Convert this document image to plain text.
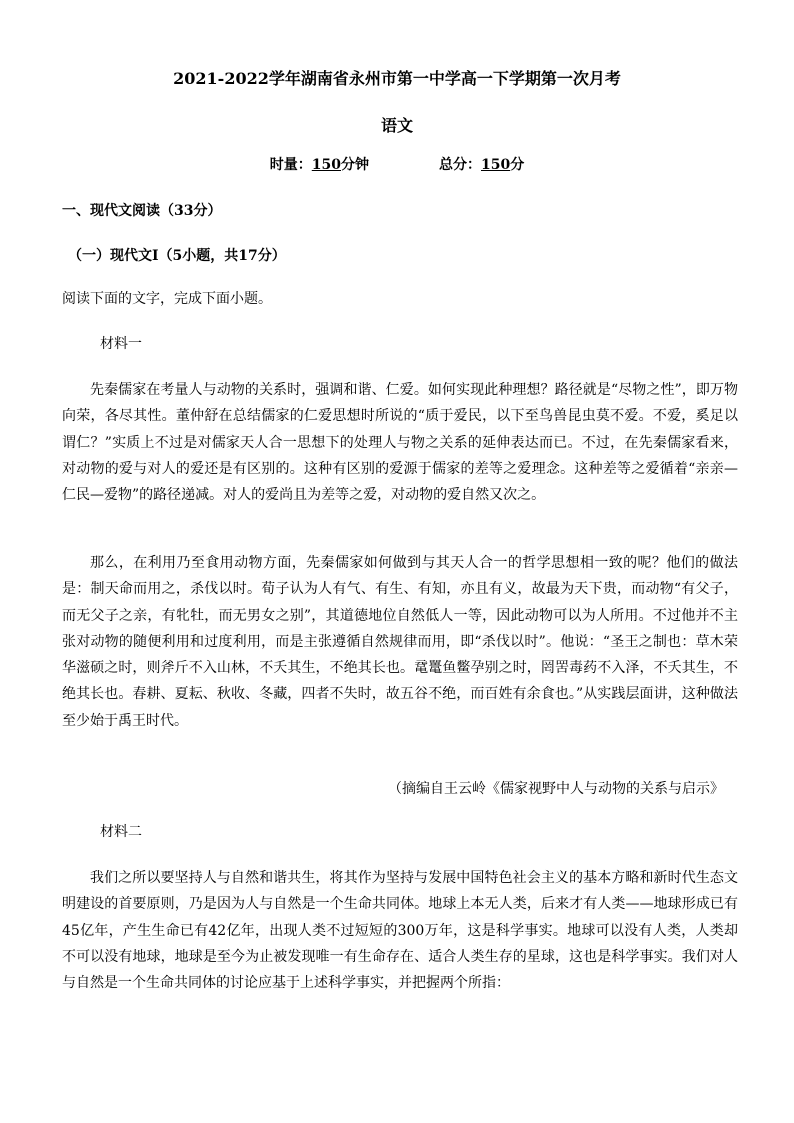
2021-2022学年湖南省永州市第一中学高一下学期第一次月考
语文
时量：150分钟	总分：150分
一、现代文阅读（33分）
（一）现代文Ⅰ（5小题，共17分）
阅读下面的文字，完成下面小题。
材料一

先秦儒家在考量人与动物的关系时，强调和谐、仁爱。如何实现此种理想？路径就是“尽物之性”，即万物向荣，各尽其性。董仲舒在总结儒家的仁爱思想时所说的“质于爱民，以下至鸟兽昆虫莫不爱。不爱，奚足以谓仁？”实质上不过是对儒家天人合一思想下的处理人与物之关系的延伸表达而已。不过，在先秦儒家看来，对动物的爱与对人的爱还是有区别的。这种有区别的爱源于儒家的差等之爱理念。这种差等之爱循着“亲亲—仁民—爱物”的路径递减。对人的爱尚且为差等之爱，对动物的爱自然又次之。

那么，在利用乃至食用动物方面，先秦儒家如何做到与其天人合一的哲学思想相一致的呢？他们的做法是：制天命而用之，杀伐以时。荀子认为人有气、有生、有知，亦且有义，故最为天下贵，而动物“有父子，而无父子之亲，有牝牡，而无男女之别”，其道德地位自然低人一等，因此动物可以为人所用。不过他并不主张对动物的随便利用和过度利用，而是主张遵循自然规律而用，即“杀伐以时”。他说：“圣王之制也：草木荣华滋硕之时，则斧斤不入山林，不夭其生，不绝其长也。鼋鼍鱼鳖孕别之时，罔罟毒药不入泽，不夭其生，不绝其长也。春耕、夏耘、秋收、冬藏，四者不失时，故五谷不绝，而百姓有余食也。”从实践层面讲，这种做法至少始于禹王时代。

（摘编自王云岭《儒家视野中人与动物的关系与启示》
材料二

我们之所以要坚持人与自然和谐共生，将其作为坚持与发展中国特色社会主义的基本方略和新时代生态文明建设的首要原则，乃是因为人与自然是一个生命共同体。地球上本无人类，后来才有人类——地球形成已有45亿年，产生生命已有42亿年，出现人类不过短短的300万年，这是科学事实。地球可以没有人类，人类却不可以没有地球，地球是至今为止被发现唯一有生命存在、适合人类生存的星球，这也是科学事实。我们对人与自然是一个生命共同体的讨论应基于上述科学事实，并把握两个所指：
